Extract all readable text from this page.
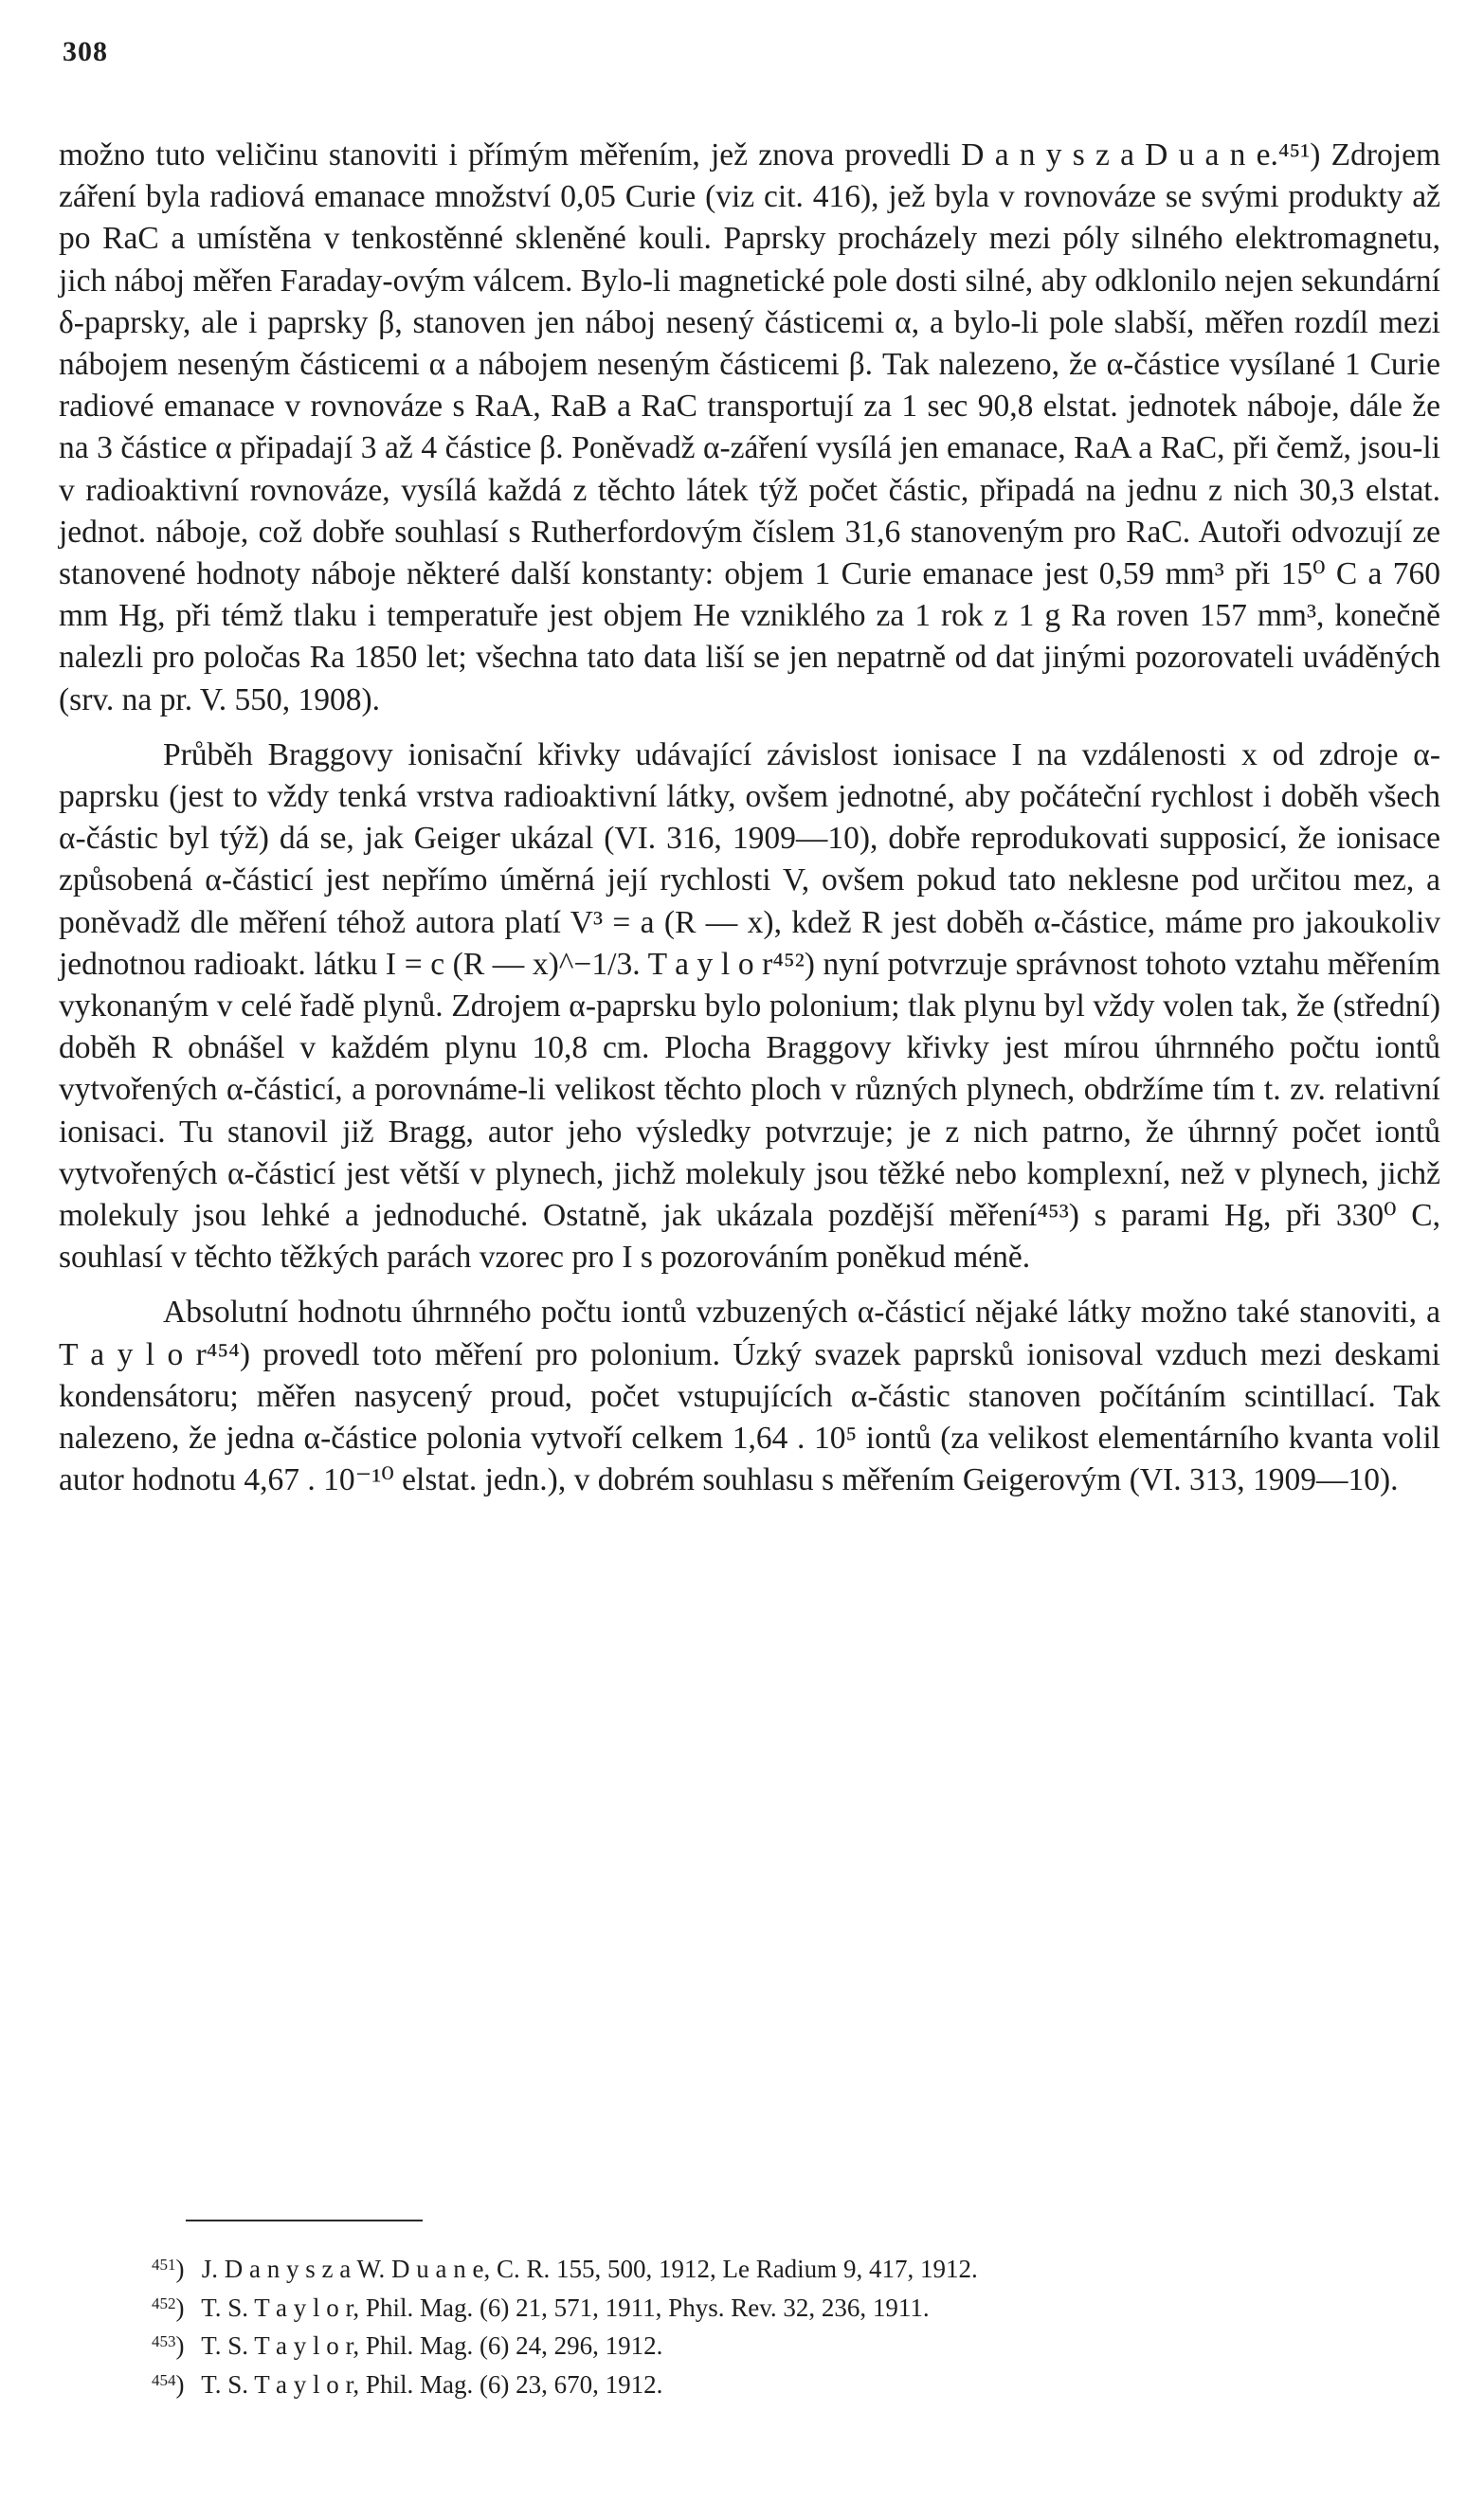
308

možno tuto veličinu stanoviti i přímým měřením, jež znova provedli D a n y s z a D u a n e.⁴⁵¹) Zdrojem záření byla radiová emanace množství 0,05 Curie (viz cit. 416), jež byla v rovnováze se svými produkty až po RaC a umístěna v tenkostěnné skleněné kouli. Paprsky procházely mezi póly silného elektromagnetu, jich náboj měřen Faraday-ovým válcem. Bylo-li magnetické pole dosti silné, aby odklonilo nejen sekundární δ-paprsky, ale i paprsky β, stanoven jen náboj nesený částicemi α, a bylo-li pole slabší, měřen rozdíl mezi nábojem neseným částicemi α a nábojem neseným částicemi β. Tak nalezeno, že α-částice vysílané 1 Curie radiové emanace v rovnováze s RaA, RaB a RaC transportují za 1 sec 90,8 elstat. jednotek náboje, dále že na 3 částice α připadají 3 až 4 částice β. Poněvadž α-záření vysílá jen emanace, RaA a RaC, při čemž, jsou-li v radioaktivní rovnováze, vysílá každá z těchto látek týž počet částic, připadá na jednu z nich 30,3 elstat. jednot. náboje, což dobře souhlasí s Rutherfordovým číslem 31,6 stanoveným pro RaC. Autoři odvozují ze stanovené hodnoty náboje některé další konstanty: objem 1 Curie emanace jest 0,59 mm³ při 15⁰ C a 760 mm Hg, při témž tlaku i temperatuře jest objem He vzniklého za 1 rok z 1 g Ra roven 157 mm³, konečně nalezli pro poločas Ra 1850 let; všechna tato data liší se jen nepatrně od dat jinými pozorovateli uváděných (srv. na pr. V. 550, 1908).

Průběh Braggovy ionisační křivky udávající závislost ionisace I na vzdálenosti x od zdroje α-paprsku (jest to vždy tenká vrstva radioaktivní látky, ovšem jednotné, aby počáteční rychlost i doběh všech α-částic byl týž) dá se, jak Geiger ukázal (VI. 316, 1909—10), dobře reprodukovati supposicí, že ionisace způsobená α-částicí jest nepřímo úměrná její rychlosti V, ovšem pokud tato neklesne pod určitou mez, a poněvadž dle měření téhož autora platí V³ = a (R — x), kdež R jest doběh α-částice, máme pro jakoukoliv jednotnou radioakt. látku I = c (R — x)^−1/3. T a y l o r⁴⁵²) nyní potvrzuje správnost tohoto vztahu měřením vykonaným v celé řadě plynů. Zdrojem α-paprsku bylo polonium; tlak plynu byl vždy volen tak, že (střední) doběh R obnášel v každém plynu 10,8 cm. Plocha Braggovy křivky jest mírou úhrnného počtu iontů vytvořených α-částicí, a porovnáme-li velikost těchto ploch v různých plynech, obdržíme tím t. zv. relativní ionisaci. Tu stanovil již Bragg, autor jeho výsledky potvrzuje; je z nich patrno, že úhrnný počet iontů vytvořených α-částicí jest větší v plynech, jichž molekuly jsou těžké nebo komplexní, než v plynech, jichž molekuly jsou lehké a jednoduché. Ostatně, jak ukázala pozdější měření⁴⁵³) s parami Hg, při 330⁰ C, souhlasí v těchto těžkých parách vzorec pro I s pozorováním poněkud méně.

Absolutní hodnotu úhrnného počtu iontů vzbuzených α-částicí nějaké látky možno také stanoviti, a T a y l o r⁴⁵⁴) provedl toto měření pro polonium. Úzký svazek paprsků ionisoval vzduch mezi deskami kondensátoru; měřen nasycený proud, počet vstupujících α-částic stanoven počítáním scintillací. Tak nalezeno, že jedna α-částice polonia vytvoří celkem 1,64 . 10⁵ iontů (za velikost elementárního kvanta volil autor hodnotu 4,67 . 10⁻¹⁰ elstat. jedn.), v dobrém souhlasu s měřením Geigerovým (VI. 313, 1909—10).

$^{451}$) J. D a n y s z a W. D u a n e, C. R. 155, 500, 1912, Le Radium 9, 417, 1912.

$^{452}$) T. S. T a y l o r, Phil. Mag. (6) 21, 571, 1911, Phys. Rev. 32, 236, 1911.

$^{453}$) T. S. T a y l o r, Phil. Mag. (6) 24, 296, 1912.

$^{454}$) T. S. T a y l o r, Phil. Mag. (6) 23, 670, 1912.
